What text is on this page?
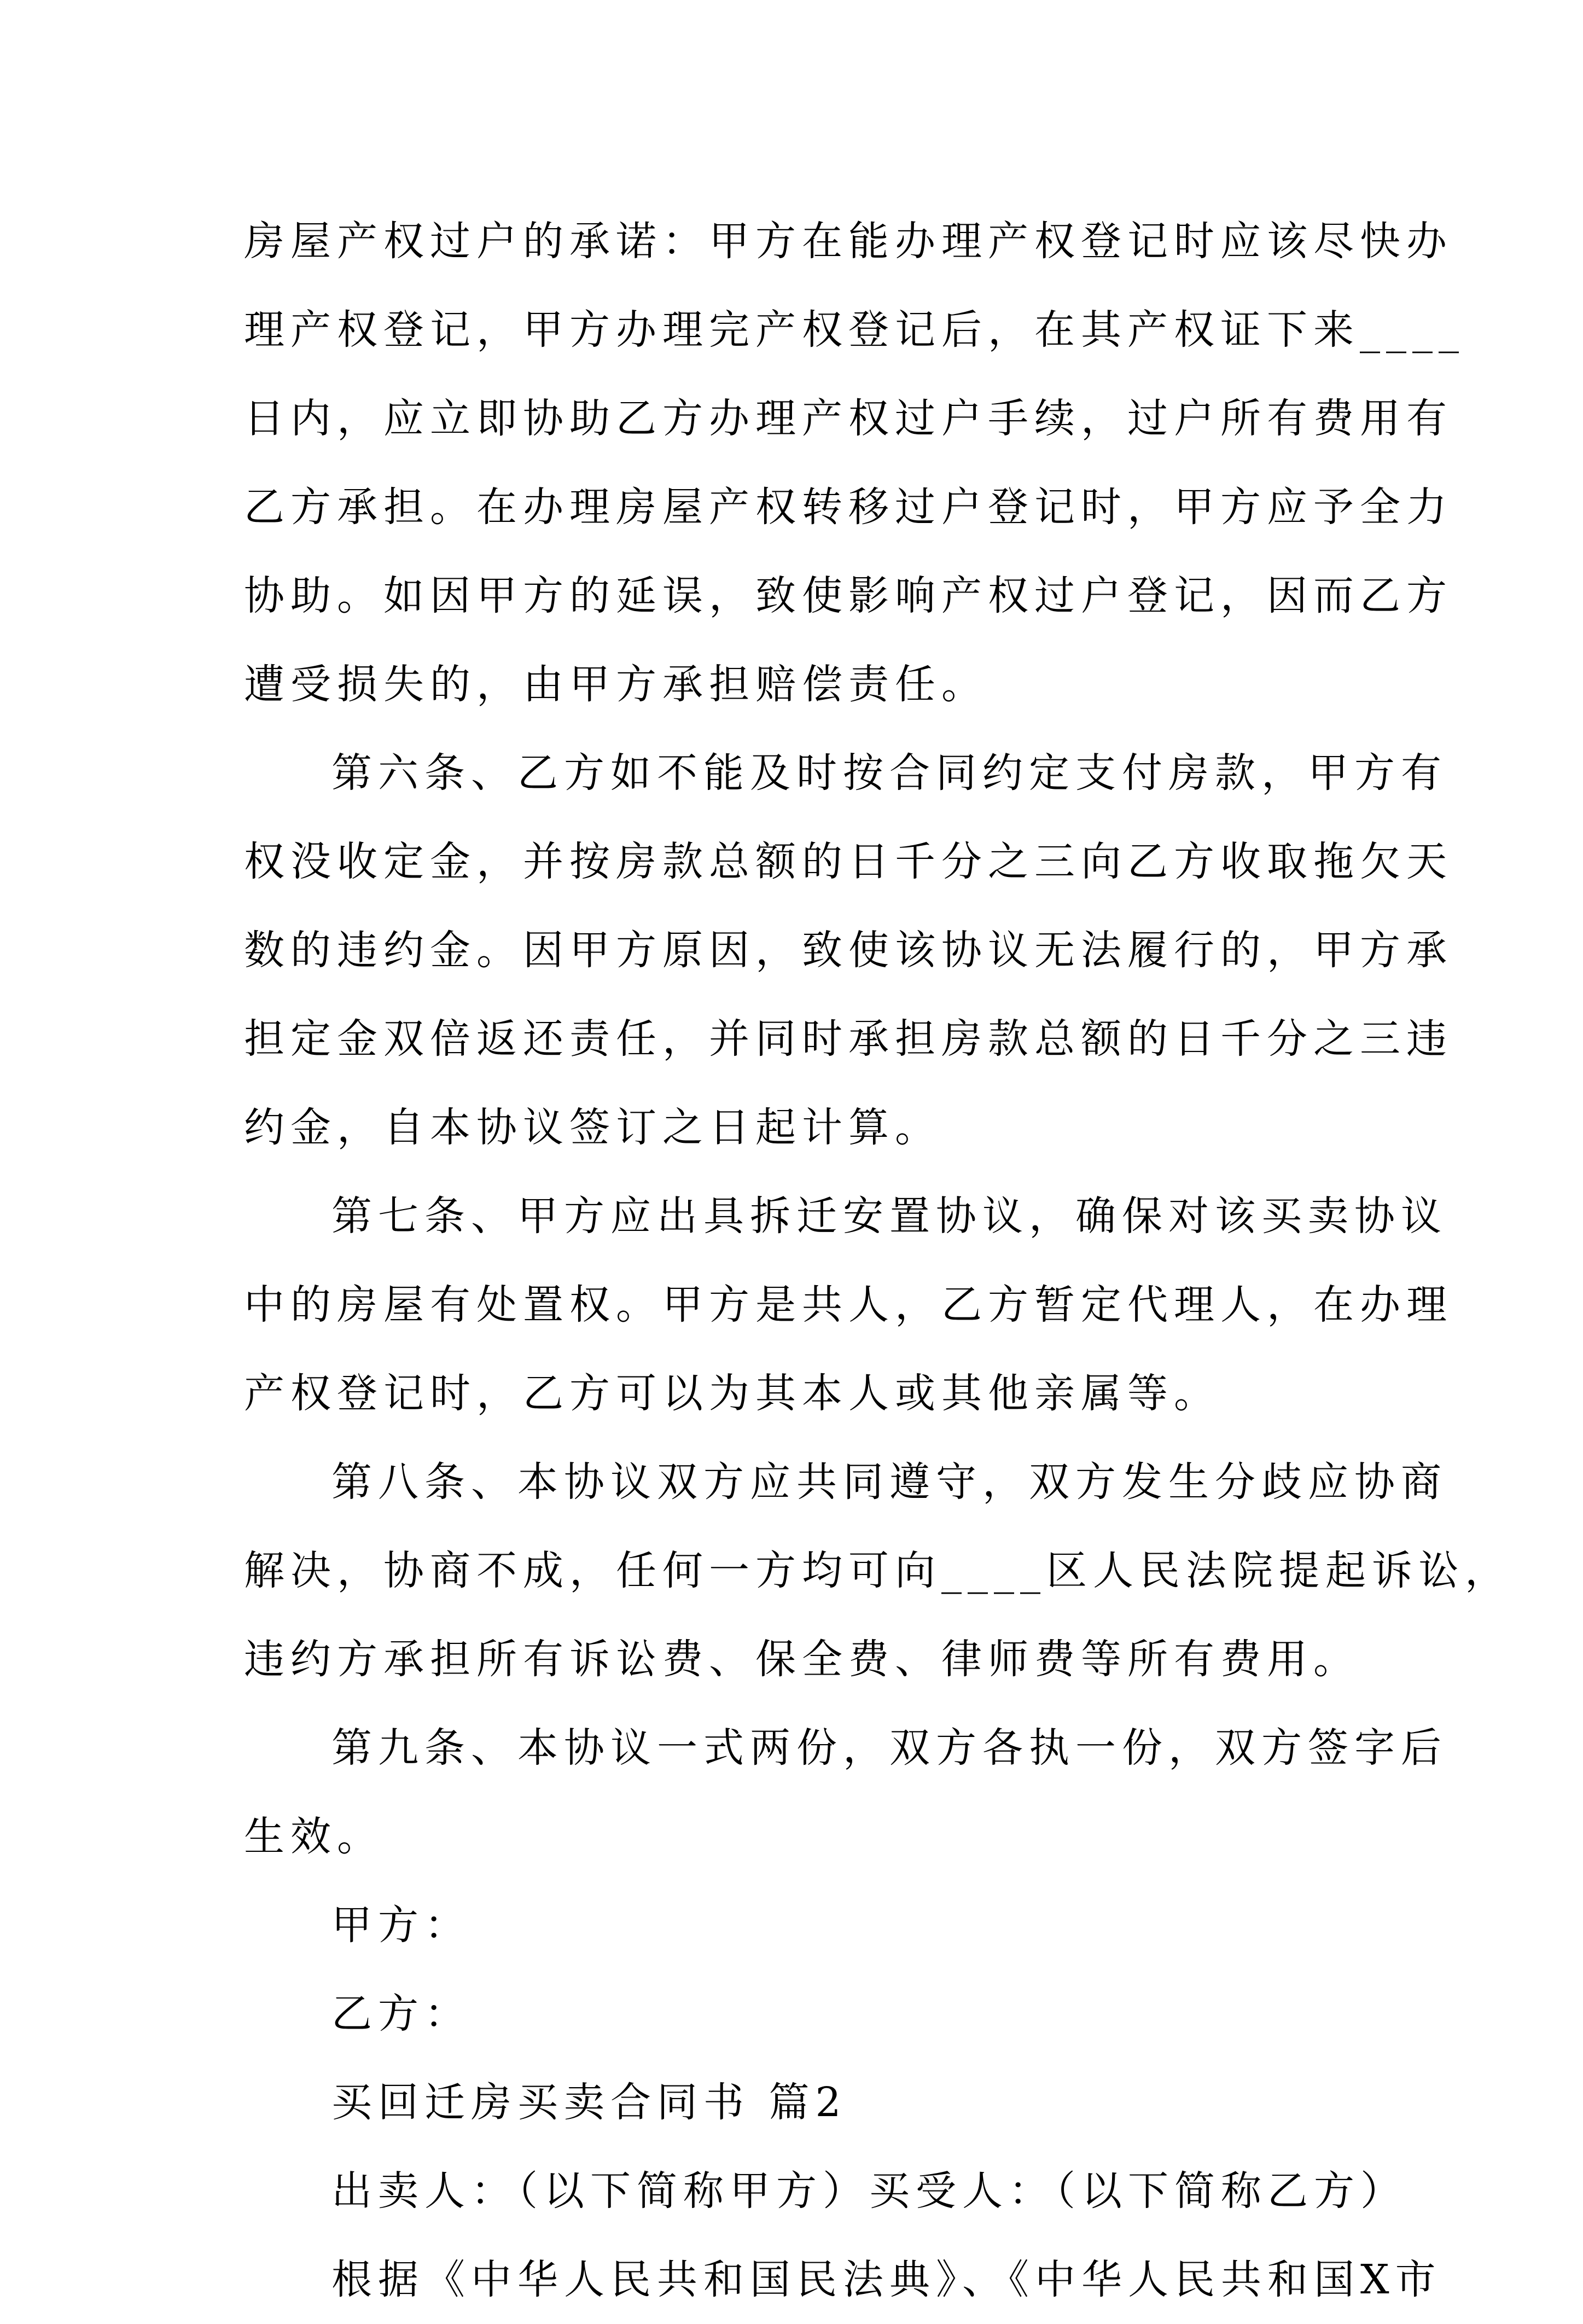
房屋产权过户的承诺：甲方在能办理产权登记时应该尽快办
理产权登记，甲方办理完产权登记后，在其产权证下来____
日内，应立即协助乙方办理产权过户手续，过户所有费用有
乙方承担。在办理房屋产权转移过户登记时，甲方应予全力
协助。如因甲方的延误，致使影响产权过户登记，因而乙方
遭受损失的，由甲方承担赔偿责任。
第六条、乙方如不能及时按合同约定支付房款，甲方有
权没收定金，并按房款总额的日千分之三向乙方收取拖欠天
数的违约金。因甲方原因，致使该协议无法履行的，甲方承
担定金双倍返还责任，并同时承担房款总额的日千分之三违
约金，自本协议签订之日起计算。
第七条、甲方应出具拆迁安置协议，确保对该买卖协议
中的房屋有处置权。甲方是共人，乙方暂定代理人，在办理
产权登记时，乙方可以为其本人或其他亲属等。
第八条、本协议双方应共同遵守，双方发生分歧应协商
解决，协商不成，任何一方均可向____区人民法院提起诉讼，
违约方承担所有诉讼费、保全费、律师费等所有费用。
第九条、本协议一式两份，双方各执一份，双方签字后
生效。
甲方：
乙方：
买回迁房买卖合同书 篇2
出卖人：（以下简称甲方）买受人：（以下简称乙方）
根据《中华人民共和国民法典》、《中华人民共和国X市
